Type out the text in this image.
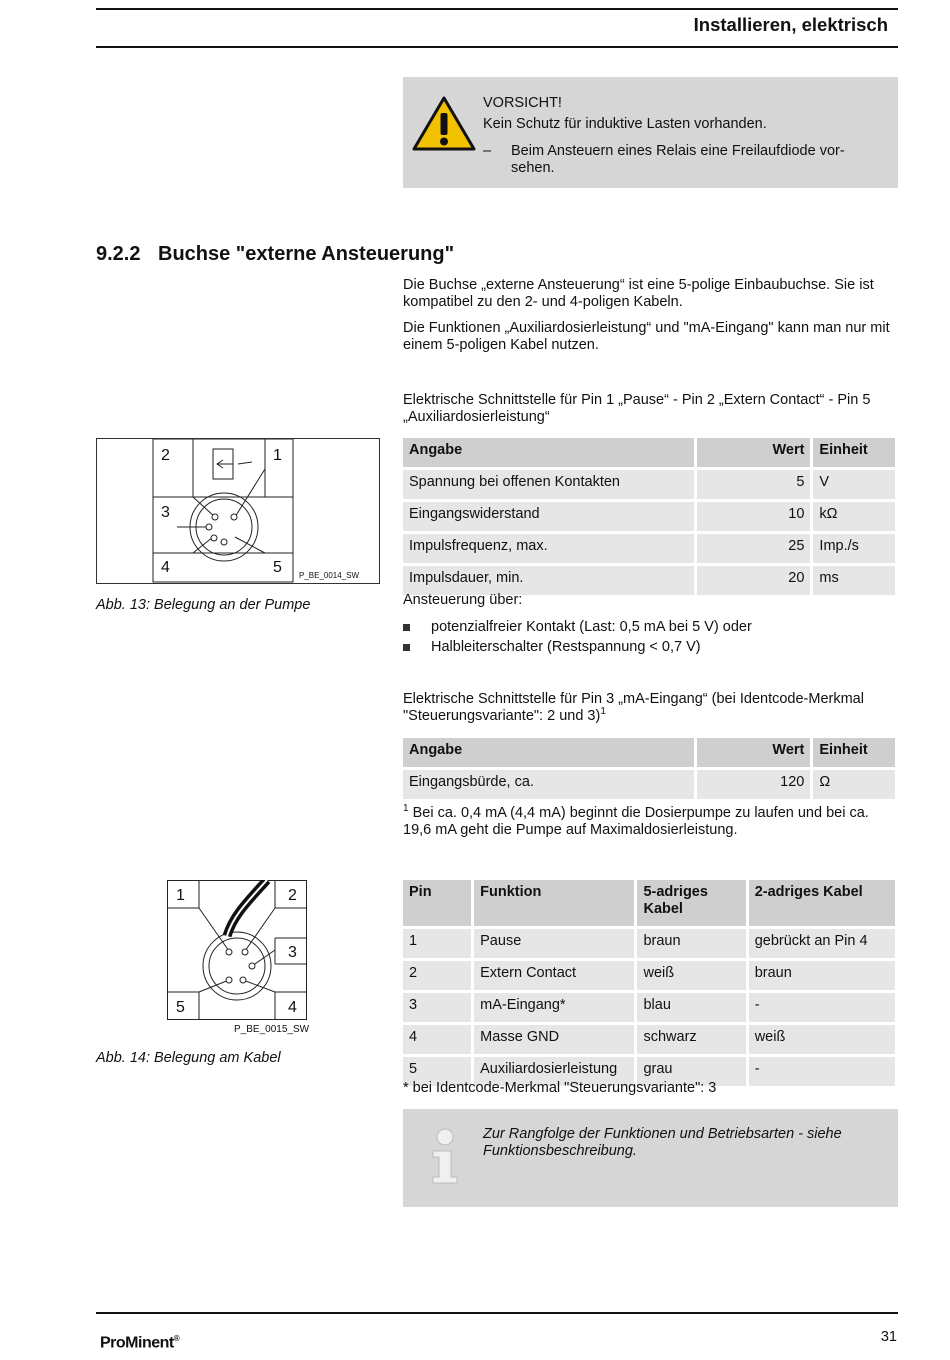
Installieren, elektrisch
VORSICHT!
Kein Schutz für induktive Lasten vorhanden.
– Beim Ansteuern eines Relais eine Freilaufdiode vor-sehen.
9.2.2 Buchse "externe Ansteuerung"
Die Buchse „externe Ansteuerung“ ist eine 5-polige Einbaubuchse. Sie ist kompatibel zu den 2- und 4-poligen Kabeln.
Die Funktionen „Auxiliardosierleistung“ und "mA-Eingang" kann man nur mit einem 5-poligen Kabel nutzen.
Elektrische Schnittstelle für Pin 1 „Pause“ - Pin 2 „Extern Contact“ - Pin 5 „Auxiliardosierleistung“
Angabe	Wert	Einheit
Spannung bei offenen Kontakten	5	V
Eingangswiderstand	10	kΩ
Impulsfrequenz, max.	25	Imp./s
Impulsdauer, min.	20	ms
2	1
3
4	5 P_BE_0014_SW
Abb. 13: Belegung an der Pumpe	Ansteuerung über:
potenzialfreier Kontakt (Last: 0,5 mA bei 5 V) oder
Halbleiterschalter (Restspannung < 0,7 V)
Elektrische Schnittstelle für Pin 3 „mA-Eingang“ (bei Identcode-Merkmal "Steuerungsvariante": 2 und 3)$^1$
Angabe	Wert	Einheit
Eingangsbürde, ca.	120	Ω
$^1$ Bei ca. 0,4 mA (4,4 mA) beginnt die Dosierpumpe zu laufen und bei ca. 19,6 mA geht die Pumpe auf Maximaldosierleistung.
1	2
3
5	4
P_BE_0015_SW
Abb. 14: Belegung am Kabel
Pin	Funktion	5-adriges Kabel	2-adriges Kabel
1	Pause	braun	gebrückt an Pin 4
2	Extern Contact	weiß	braun
3	mA-Eingang*	blau	-
4	Masse GND	schwarz	weiß
5	Auxiliardosierleistung	grau	-
* bei Identcode-Merkmal "Steuerungsvariante": 3
Zur Rangfolge der Funktionen und Betriebsarten - siehe Funktionsbeschreibung.
ProMinent®	31
